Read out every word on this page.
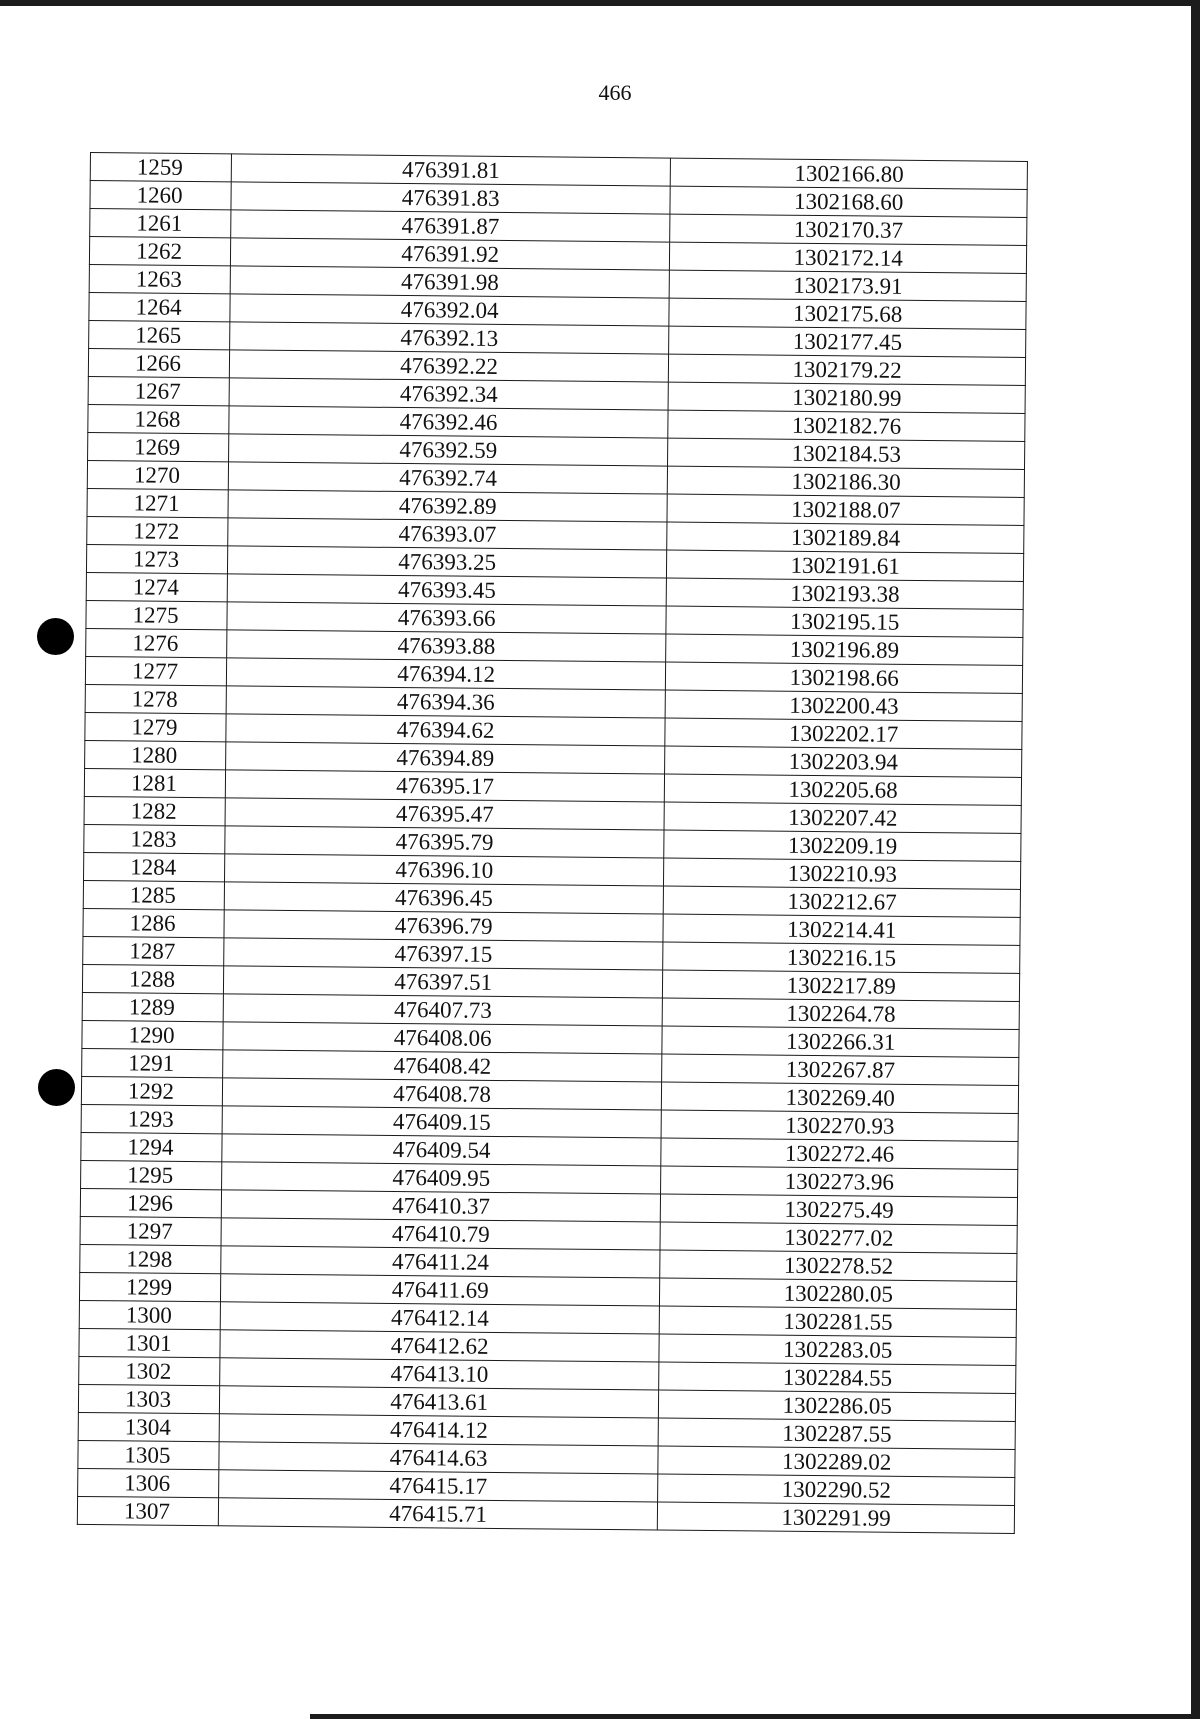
466
1259	476391.81	1302166.80
1260	476391.83	1302168.60
1261	476391.87	1302170.37
1262	476391.92	1302172.14
1263	476391.98	1302173.91
1264	476392.04	1302175.68
1265	476392.13	1302177.45
1266	476392.22	1302179.22
1267	476392.34	1302180.99
1268	476392.46	1302182.76
1269	476392.59	1302184.53
1270	476392.74	1302186.30
1271	476392.89	1302188.07
1272	476393.07	1302189.84
1273	476393.25	1302191.61
1274	476393.45	1302193.38
1275	476393.66	1302195.15
1276	476393.88	1302196.89
1277	476394.12	1302198.66
1278	476394.36	1302200.43
1279	476394.62	1302202.17
1280	476394.89	1302203.94
1281	476395.17	1302205.68
1282	476395.47	1302207.42
1283	476395.79	1302209.19
1284	476396.10	1302210.93
1285	476396.45	1302212.67
1286	476396.79	1302214.41
1287	476397.15	1302216.15
1288	476397.51	1302217.89
1289	476407.73	1302264.78
1290	476408.06	1302266.31
1291	476408.42	1302267.87
1292	476408.78	1302269.40
1293	476409.15	1302270.93
1294	476409.54	1302272.46
1295	476409.95	1302273.96
1296	476410.37	1302275.49
1297	476410.79	1302277.02
1298	476411.24	1302278.52
1299	476411.69	1302280.05
1300	476412.14	1302281.55
1301	476412.62	1302283.05
1302	476413.10	1302284.55
1303	476413.61	1302286.05
1304	476414.12	1302287.55
1305	476414.63	1302289.02
1306	476415.17	1302290.52
1307	476415.71	1302291.99
